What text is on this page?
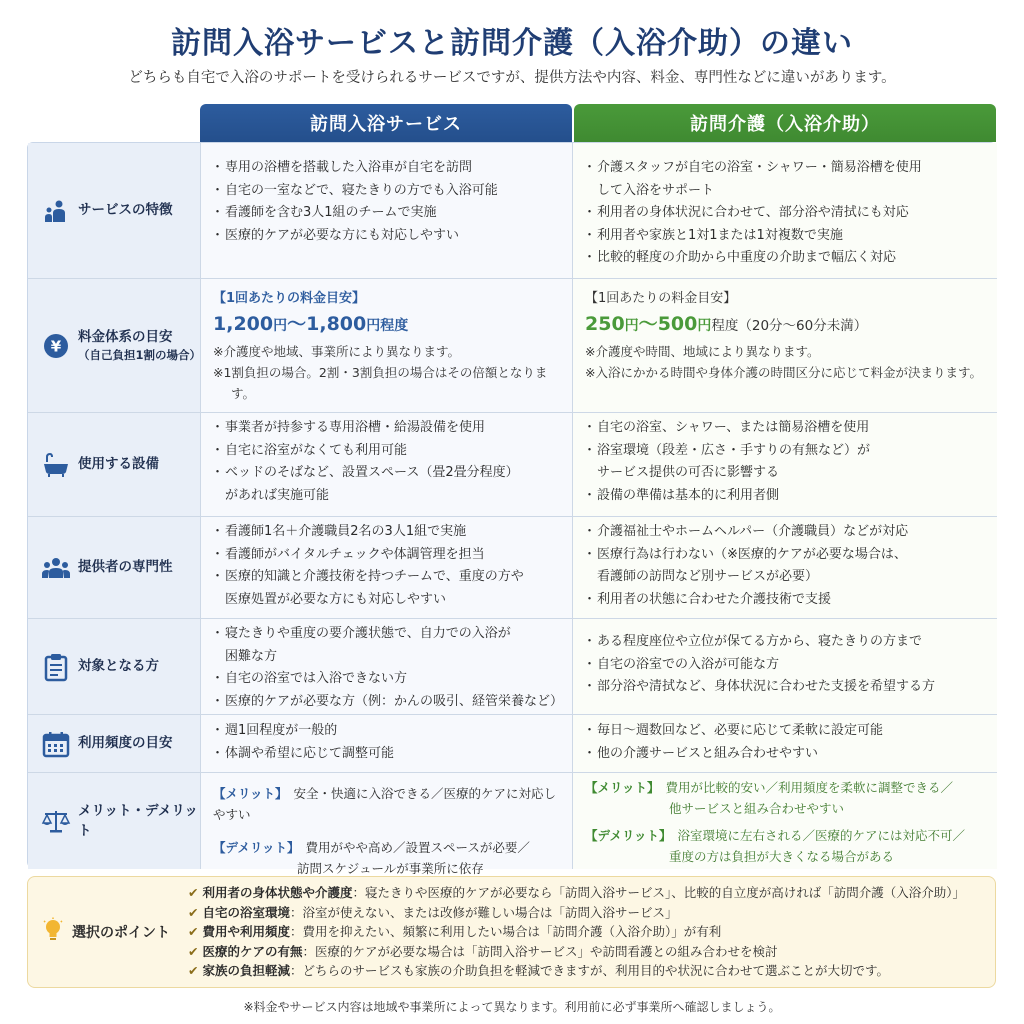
訪問入浴サービスと訪問介護（入浴介助）の違い
どちらも自宅で入浴のサポートを受けられるサービスですが、提供方法や内容、料金、専門性などに違いがあります。
訪問入浴サービス	訪問介護（入浴介助）
サービスの特徴
・ 専用の浴槽を搭載した入浴車が自宅を訪問
・ 自宅の一室などで、寝たきりの方でも入浴可能
・ 看護師を含む3人1組のチームで実施
・ 医療的ケアが必要な方にも対応しやすい
・ 介護スタッフが自宅の浴室・シャワー・簡易浴槽を使用
して入浴をサポート
・ 利用者の身体状況に合わせて、部分浴や清拭にも対応
・ 利用者や家族と1対1または1対複数で実施
・ 比較的軽度の介助から中重度の介助まで幅広く対応
¥
料金体系の目安
（自己負担1割の場合）
【1回あたりの料金目安】
1,200円～1,800円程度
※介護度や地域、事業所により異なります。
※1割負担の場合。2割・3割負担の場合はその倍額となります。
【1回あたりの料金目安】
250円～500円程度（20分～60分未満）
※介護度や時間、地域により異なります。
※入浴にかかる時間や身体介護の時間区分に応じて料金が決まります。
使用する設備
・ 事業者が持参する専用浴槽・給湯設備を使用
・ 自宅に浴室がなくても利用可能
・ ベッドのそばなど、設置スペース（畳2畳分程度）
があれば実施可能
・ 自宅の浴室、シャワー、または簡易浴槽を使用
・ 浴室環境（段差・広さ・手すりの有無など）が
サービス提供の可否に影響する
・ 設備の準備は基本的に利用者側
提供者の専門性
・ 看護師1名＋介護職員2名の3人1組で実施
・ 看護師がバイタルチェックや体調管理を担当
・ 医療的知識と介護技術を持つチームで、重度の方や
医療処置が必要な方にも対応しやすい
・ 介護福祉士やホームヘルパー（介護職員）などが対応
・ 医療行為は行わない（※医療的ケアが必要な場合は、
看護師の訪問など別サービスが必要）
・ 利用者の状態に合わせた介護技術で支援
対象となる方
・ 寝たきりや重度の要介護状態で、自力での入浴が
困難な方
・ 自宅の浴室では入浴できない方
・ 医療的ケアが必要な方（例：かんの吸引、経管栄養など）
・ ある程度座位や立位が保てる方から、寝たきりの方まで
・ 自宅の浴室での入浴が可能な方
・ 部分浴や清拭など、身体状況に合わせた支援を希望する方
利用頻度の目安
・ 週1回程度が一般的
・ 体調や希望に応じて調整可能
・ 毎日～週数回など、必要に応じて柔軟に設定可能
・ 他の介護サービスと組み合わせやすい
メリット・デメリット
【メリット】 安全・快適に入浴できる／医療的ケアに対応しやすい
【デメリット】 費用がやや高め／設置スペースが必要／
訪問スケジュールが事業所に依存
【メリット】 費用が比較的安い／利用頻度を柔軟に調整できる／
他サービスと組み合わせやすい
【デメリット】 浴室環境に左右される／医療的ケアには対応不可／
重度の方は負担が大きくなる場合がある
選択のポイント
✔ 利用者の身体状態や介護度：寝たきりや医療的ケアが必要なら「訪問入浴サービス」、比較的自立度が高ければ「訪問介護（入浴介助）」
✔ 自宅の浴室環境：浴室が使えない、または改修が難しい場合は「訪問入浴サービス」
✔ 費用や利用頻度：費用を抑えたい、頻繁に利用したい場合は「訪問介護（入浴介助）」が有利
✔ 医療的ケアの有無：医療的ケアが必要な場合は「訪問入浴サービス」や訪問看護との組み合わせを検討
✔ 家族の負担軽減：どちらのサービスも家族の介助負担を軽減できますが、利用目的や状況に合わせて選ぶことが大切です。
※料金やサービス内容は地域や事業所によって異なります。利用前に必ず事業所へ確認しましょう。
